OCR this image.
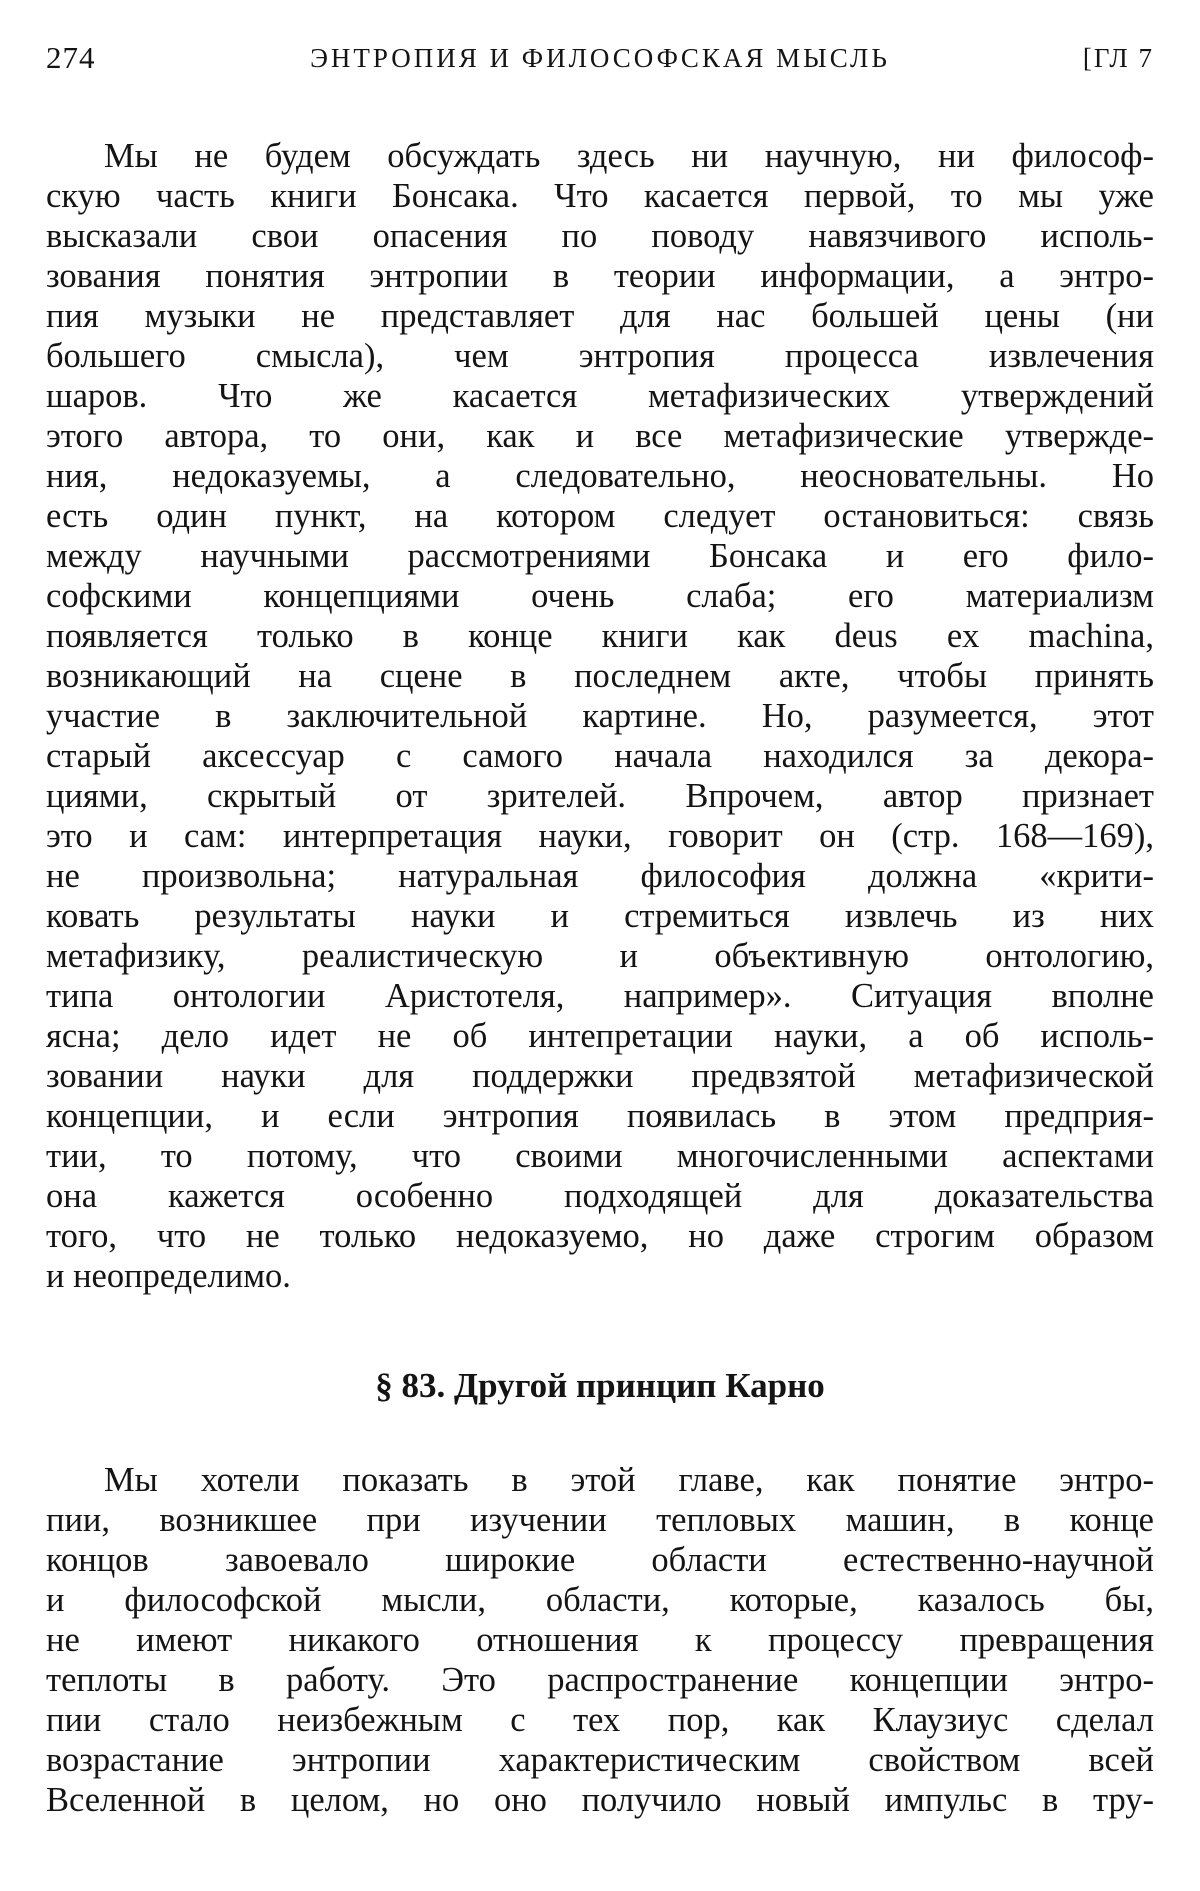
274	ЭНТРОПИЯ И ФИЛОСОФСКАЯ МЫСЛЬ	[ГЛ 7
Мы не будем обсуждать здесь ни научную, ни философ-
скую часть книги Бонсака. Что касается первой, то мы уже
высказали свои опасения по поводу навязчивого исполь-
зования понятия энтропии в теории информации, а энтро-
пия музыки не представляет для нас большей цены (ни
большего смысла), чем энтропия процесса извлечения
шаров. Что же касается метафизических утверждений
этого автора, то они, как и все метафизические утвержде-
ния, недоказуемы, а следовательно, неосновательны. Но
есть один пункт, на котором следует остановиться: связь
между научными рассмотрениями Бонсака и его фило-
софскими концепциями очень слаба; его материализм
появляется только в конце книги как deus ex machina,
возникающий на сцене в последнем акте, чтобы принять
участие в заключительной картине. Но, разумеется, этот
старый аксессуар с самого начала находился за декора-
циями, скрытый от зрителей. Впрочем, автор признает
это и сам: интерпретация науки, говорит он (стр. 168—169),
не произвольна; натуральная философия должна «крити-
ковать результаты науки и стремиться извлечь из них
метафизику, реалистическую и объективную онтологию,
типа онтологии Аристотеля, например». Ситуация вполне
ясна; дело идет не об интепретации науки, а об исполь-
зовании науки для поддержки предвзятой метафизической
концепции, и если энтропия появилась в этом предприя-
тии, то потому, что своими многочисленными аспектами
она кажется особенно подходящей для доказательства
того, что не только недоказуемо, но даже строгим образом
и неопределимо.
§ 83. Другой принцип Карно
Мы хотели показать в этой главе, как понятие энтро-
пии, возникшее при изучении тепловых машин, в конце
концов завоевало широкие области естественно-научной
и философской мысли, области, которые, казалось бы,
не имеют никакого отношения к процессу превращения
теплоты в работу. Это распространение концепции энтро-
пии стало неизбежным с тех пор, как Клаузиус сделал
возрастание энтропии характеристическим свойством всей
Вселенной в целом, но оно получило новый импульс в тру-
